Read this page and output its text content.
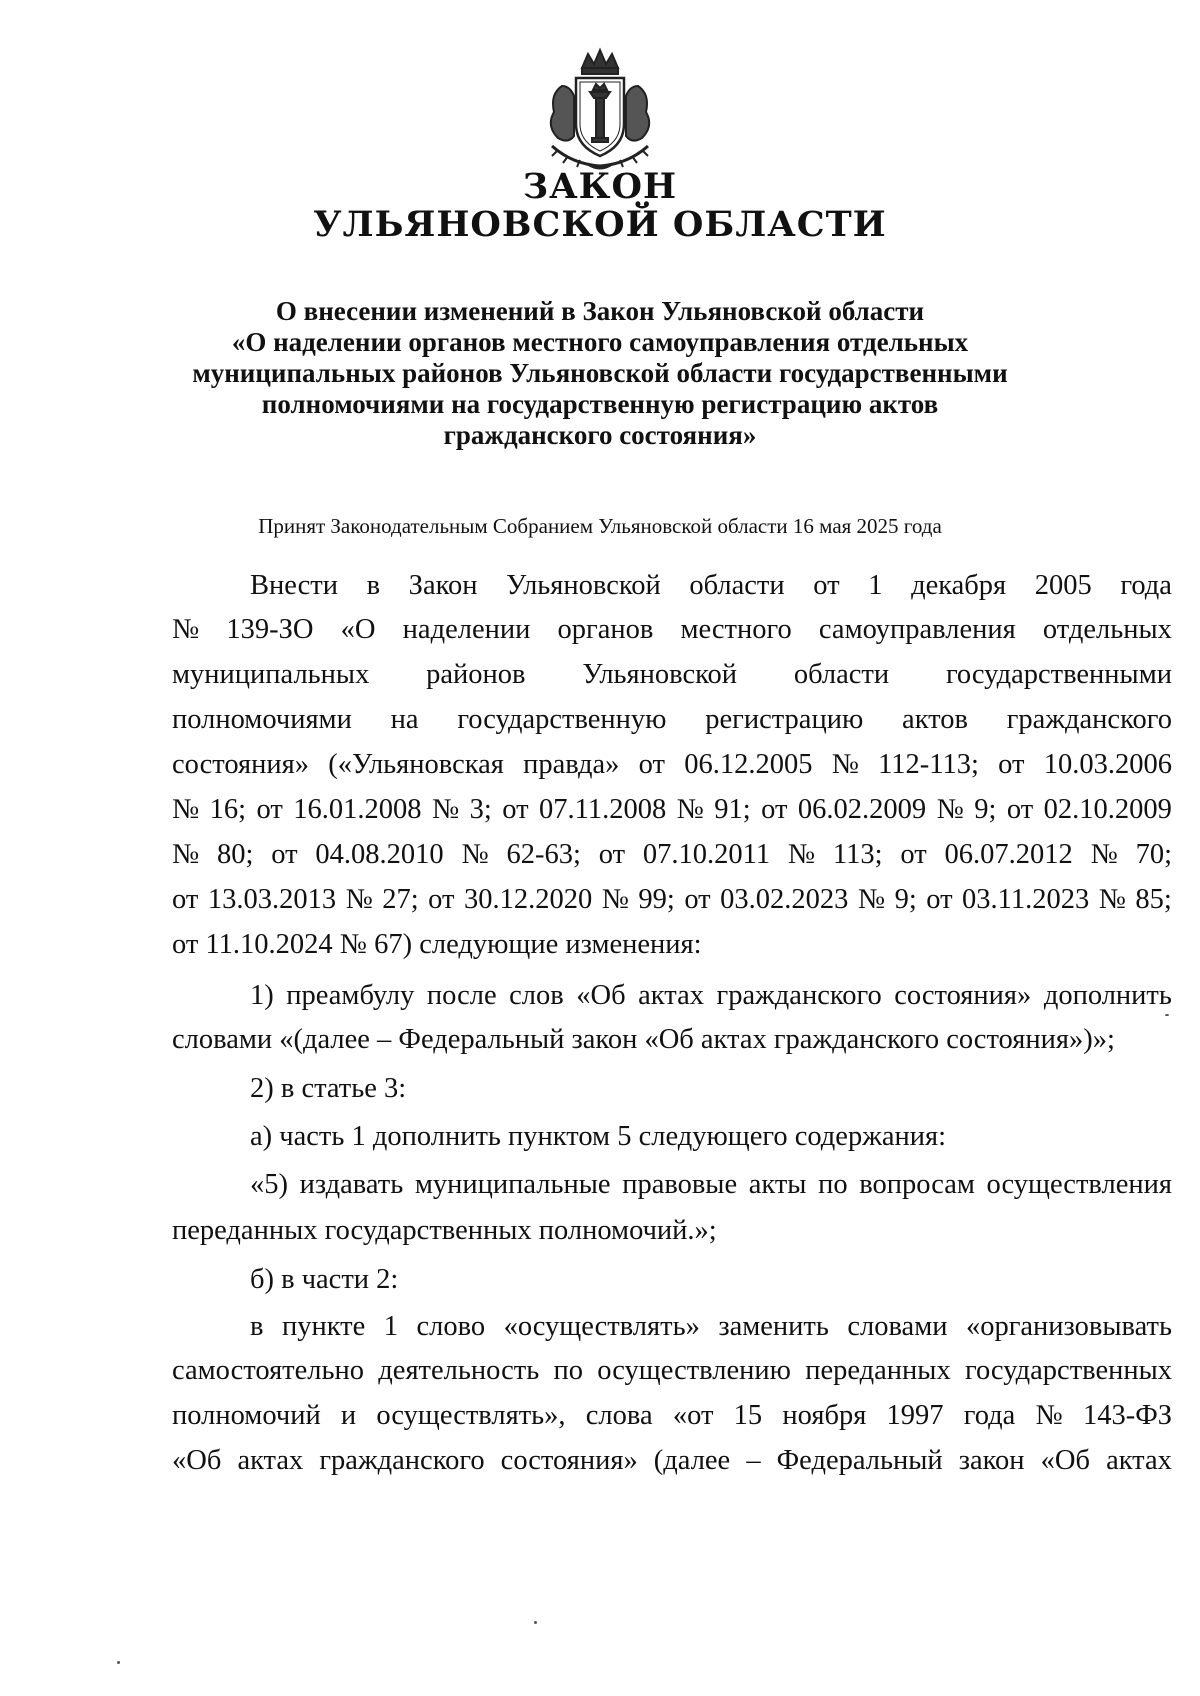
ЗАКОН
УЛЬЯНОВСКОЙ ОБЛАСТИ
О внесении изменений в Закон Ульяновской области
«О наделении органов местного самоуправления отдельных
муниципальных районов Ульяновской области государственными
полномочиями на государственную регистрацию актов
гражданского состояния»
Принят Законодательным Собранием Ульяновской области 16 мая 2025 года
Внести в Закон Ульяновской области от 1 декабря 2005 года
№ 139-ЗО «О наделении органов местного самоуправления отдельных
муниципальных районов Ульяновской области государственными
полномочиями на государственную регистрацию актов гражданского
состояния» («Ульяновская правда» от 06.12.2005 № 112-113; от 10.03.2006
№ 16; от 16.01.2008 № 3; от 07.11.2008 № 91; от 06.02.2009 № 9; от 02.10.2009
№ 80; от 04.08.2010 № 62-63; от 07.10.2011 № 113; от 06.07.2012 № 70;
от 13.03.2013 № 27; от 30.12.2020 № 99; от 03.02.2023 № 9; от 03.11.2023 № 85;
от 11.10.2024 № 67) следующие изменения:
1) преамбулу после слов «Об актах гражданского состояния» дополнить
словами «(далее – Федеральный закон «Об актах гражданского состояния»)»;
2) в статье 3:
а) часть 1 дополнить пунктом 5 следующего содержания:
«5) издавать муниципальные правовые акты по вопросам осуществления
переданных государственных полномочий.»;
б) в части 2:
в пункте 1 слово «осуществлять» заменить словами «организовывать
самостоятельно деятельность по осуществлению переданных государственных
полномочий и осуществлять», слова «от 15 ноября 1997 года № 143-ФЗ
«Об актах гражданского состояния» (далее – Федеральный закон «Об актах
